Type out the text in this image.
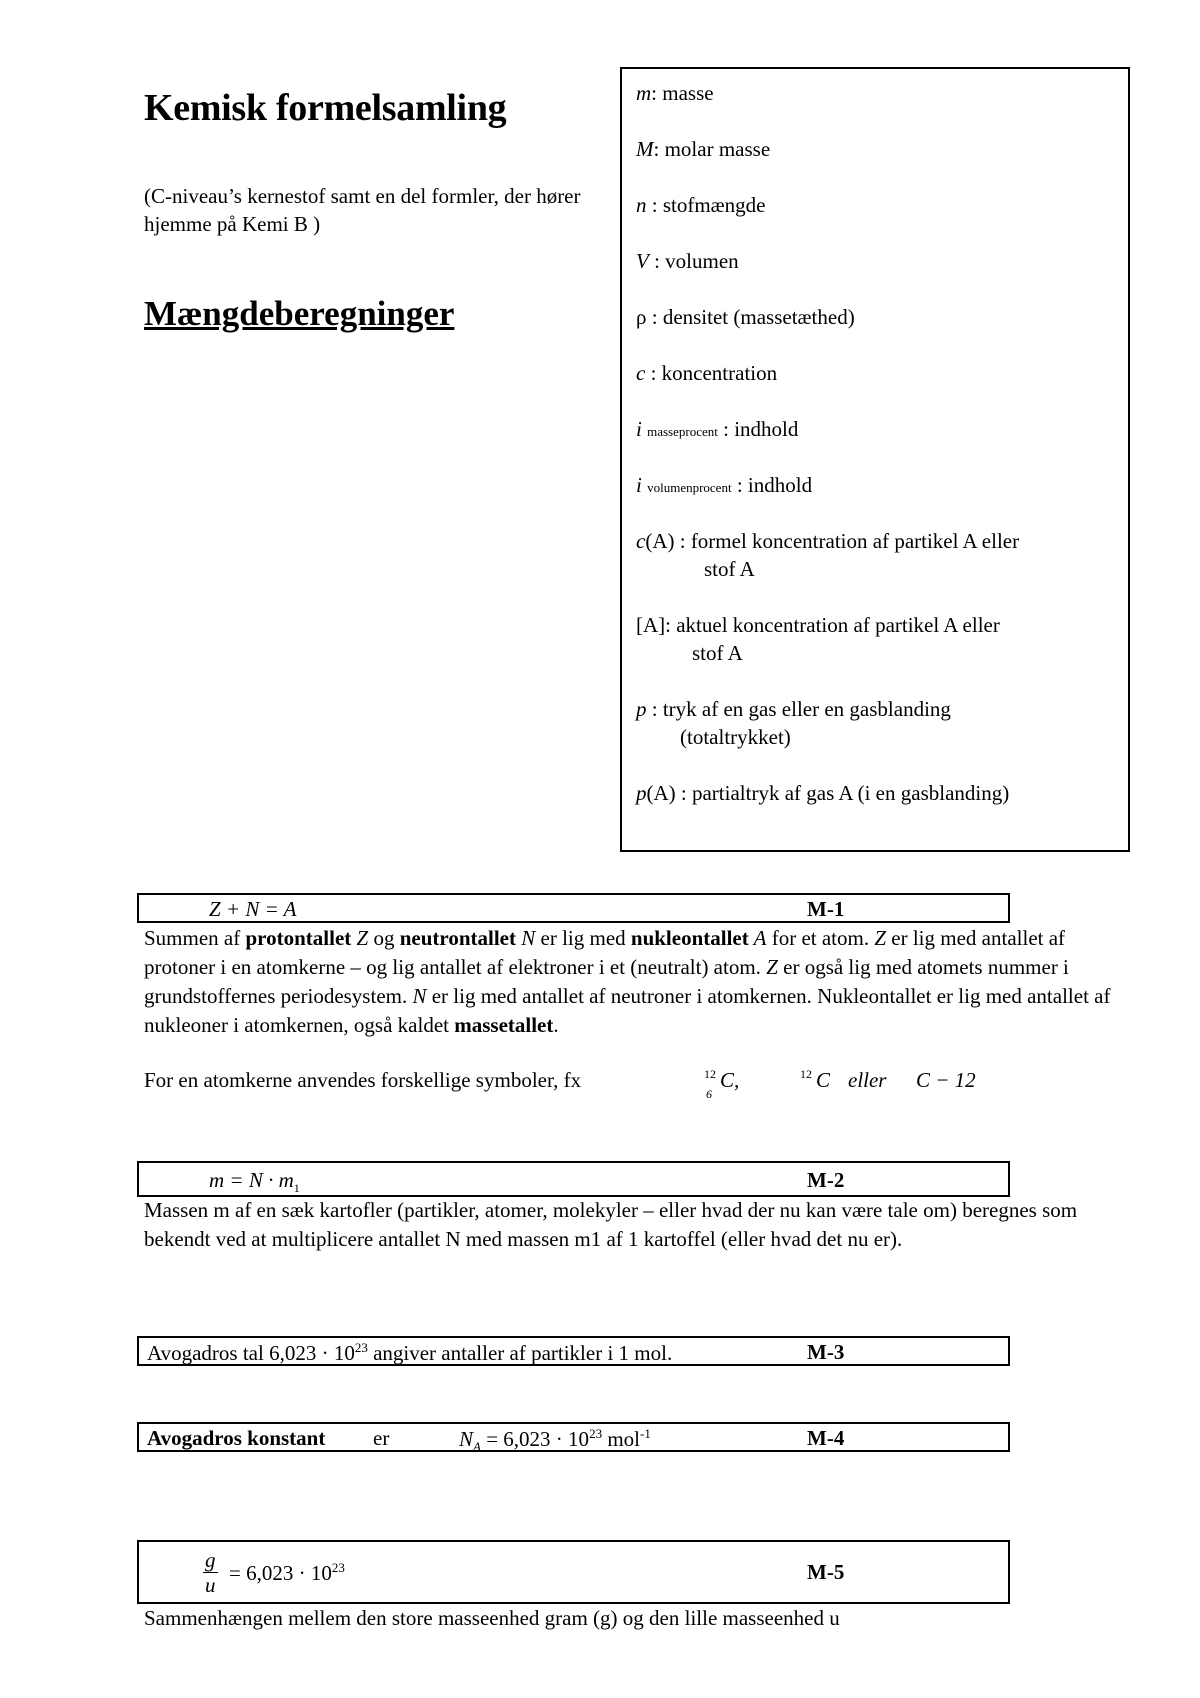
Kemisk formelsamling
(C-niveau’s kernestof samt en del formler, der hører hjemme på Kemi B )
Mængdeberegninger
m: masse
M: molar masse
n : stofmængde
V : volumen
ρ : densitet (massetæthed)
c : koncentration
i masseprocent : indhold
i volumenprocent : indhold
c(A) : formel koncentration af partikel A eller
stof A
[A]: aktuel koncentration af partikel A eller
stof A
p : tryk af en gas eller en gasblanding
(totaltrykket)
p(A) : partialtryk af gas A (i en gasblanding)
Z + N = A	M-1
Summen af protontallet Z og neutrontallet N er lig med nukleontallet A for et atom. Z er lig med antallet af protoner i en atomkerne – og lig antallet af elektroner i et (neutralt) atom. Z er også lig med atomets nummer i grundstoffernes periodesystem. N er lig med antallet af neutroner i atomkernen. Nukleontallet er lig med antallet af nukleoner i atomkernen, også kaldet massetallet.
For en atomkerne anvendes forskellige symboler, fx	12
6
C,	12 C eller C − 12
$m = N \cdot m_1$	M-2
Massen m af en sæk kartofler (partikler, atomer, molekyler – eller hvad der nu kan være tale om) beregnes som bekendt ved at multiplicere antallet N med massen m1 af 1 kartoffel (eller hvad det nu er).
Avogadros tal $6,023 \cdot 10^{23}$ angiver antaller af partikler i 1 mol.	M-3
Avogadros konstant er	$N_A = 6,023 \cdot 10^{23}$ mol$^{-1}$	M-4
$\frac{g}{u} = 6,023 \cdot 10^{23}$	M-5
Sammenhængen mellem den store masseenhed gram (g) og den lille masseenhed u
